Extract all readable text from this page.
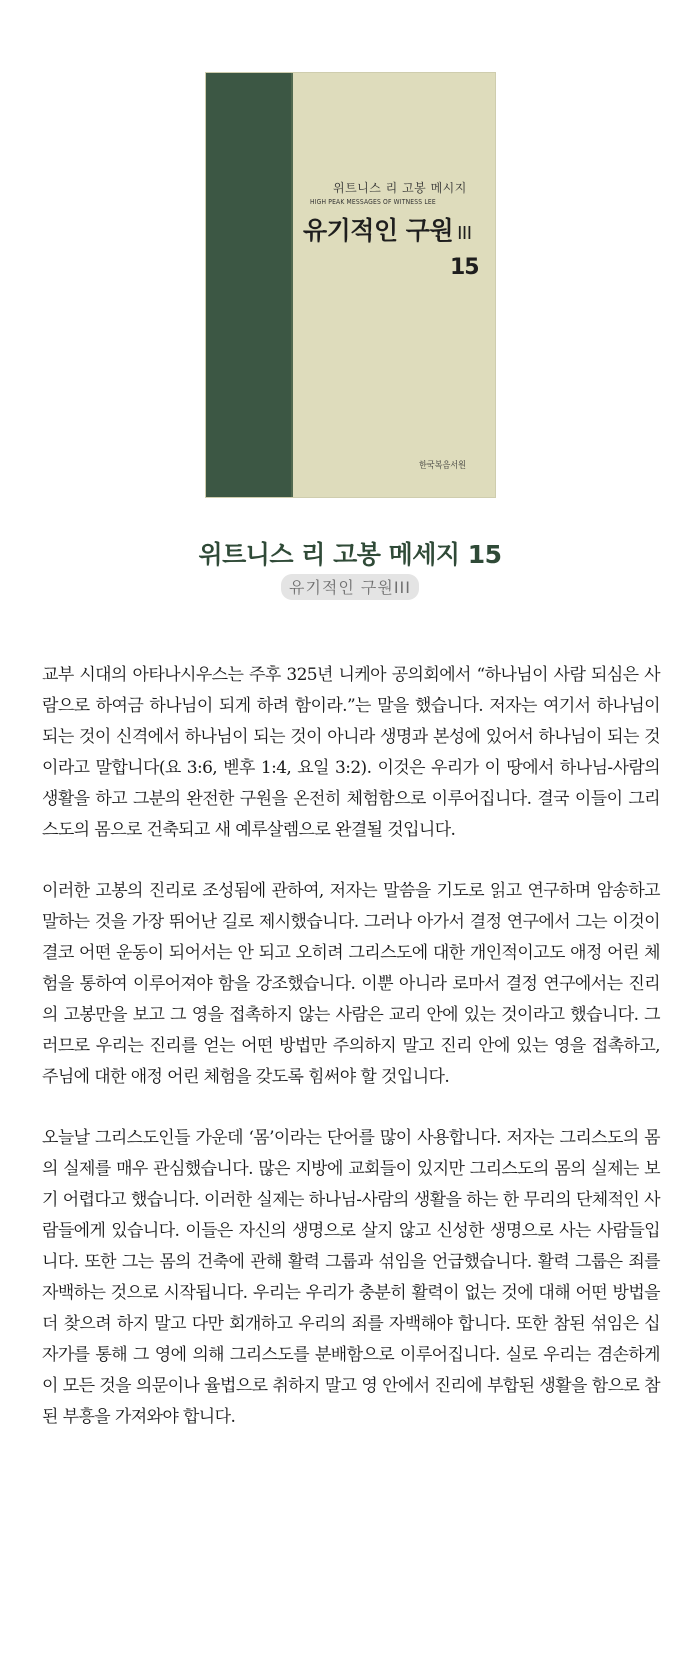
위트니스 리 고봉 메시지
HIGH PEAK MESSAGES OF WITNESS LEE
유기적인 구원 III
15
한국복음서원
위트니스 리 고봉 메세지 15
유기적인 구원III

교부 시대의 아타나시우스는 주후 325년 니케아 공의회에서 “하나님이 사람 되심은 사람으로 하여금 하나님이 되게 하려 함이라.”는 말을 했습니다. 저자는 여기서 하나님이 되는 것이 신격에서 하나님이 되는 것이 아니라 생명과 본성에 있어서 하나님이 되는 것이라고 말합니다(요 3:6, 벧후 1:4, 요일 3:2). 이것은 우리가 이 땅에서 하나님-사람의 생활을 하고 그분의 완전한 구원을 온전히 체험함으로 이루어집니다. 결국 이들이 그리스도의 몸으로 건축되고 새 예루살렘으로 완결될 것입니다.

이러한 고봉의 진리로 조성됨에 관하여, 저자는 말씀을 기도로 읽고 연구하며 암송하고 말하는 것을 가장 뛰어난 길로 제시했습니다. 그러나 아가서 결정 연구에서 그는 이것이 결코 어떤 운동이 되어서는 안 되고 오히려 그리스도에 대한 개인적이고도 애정 어린 체험을 통하여 이루어져야 함을 강조했습니다. 이뿐 아니라 로마서 결정 연구에서는 진리의 고봉만을 보고 그 영을 접촉하지 않는 사람은 교리 안에 있는 것이라고 했습니다. 그러므로 우리는 진리를 얻는 어떤 방법만 주의하지 말고 진리 안에 있는 영을 접촉하고, 주님에 대한 애정 어린 체험을 갖도록 힘써야 할 것입니다.

오늘날 그리스도인들 가운데 ‘몸’이라는 단어를 많이 사용합니다. 저자는 그리스도의 몸의 실제를 매우 관심했습니다. 많은 지방에 교회들이 있지만 그리스도의 몸의 실제는 보기 어렵다고 했습니다. 이러한 실제는 하나님-사람의 생활을 하는 한 무리의 단체적인 사람들에게 있습니다. 이들은 자신의 생명으로 살지 않고 신성한 생명으로 사는 사람들입니다. 또한 그는 몸의 건축에 관해 활력 그룹과 섞임을 언급했습니다. 활력 그룹은 죄를 자백하는 것으로 시작됩니다. 우리는 우리가 충분히 활력이 없는 것에 대해 어떤 방법을 더 찾으려 하지 말고 다만 회개하고 우리의 죄를 자백해야 합니다. 또한 참된 섞임은 십자가를 통해 그 영에 의해 그리스도를 분배함으로 이루어집니다. 실로 우리는 겸손하게 이 모든 것을 의문이나 율법으로 취하지 말고 영 안에서 진리에 부합된 생활을 함으로 참된 부흥을 가져와야 합니다.
